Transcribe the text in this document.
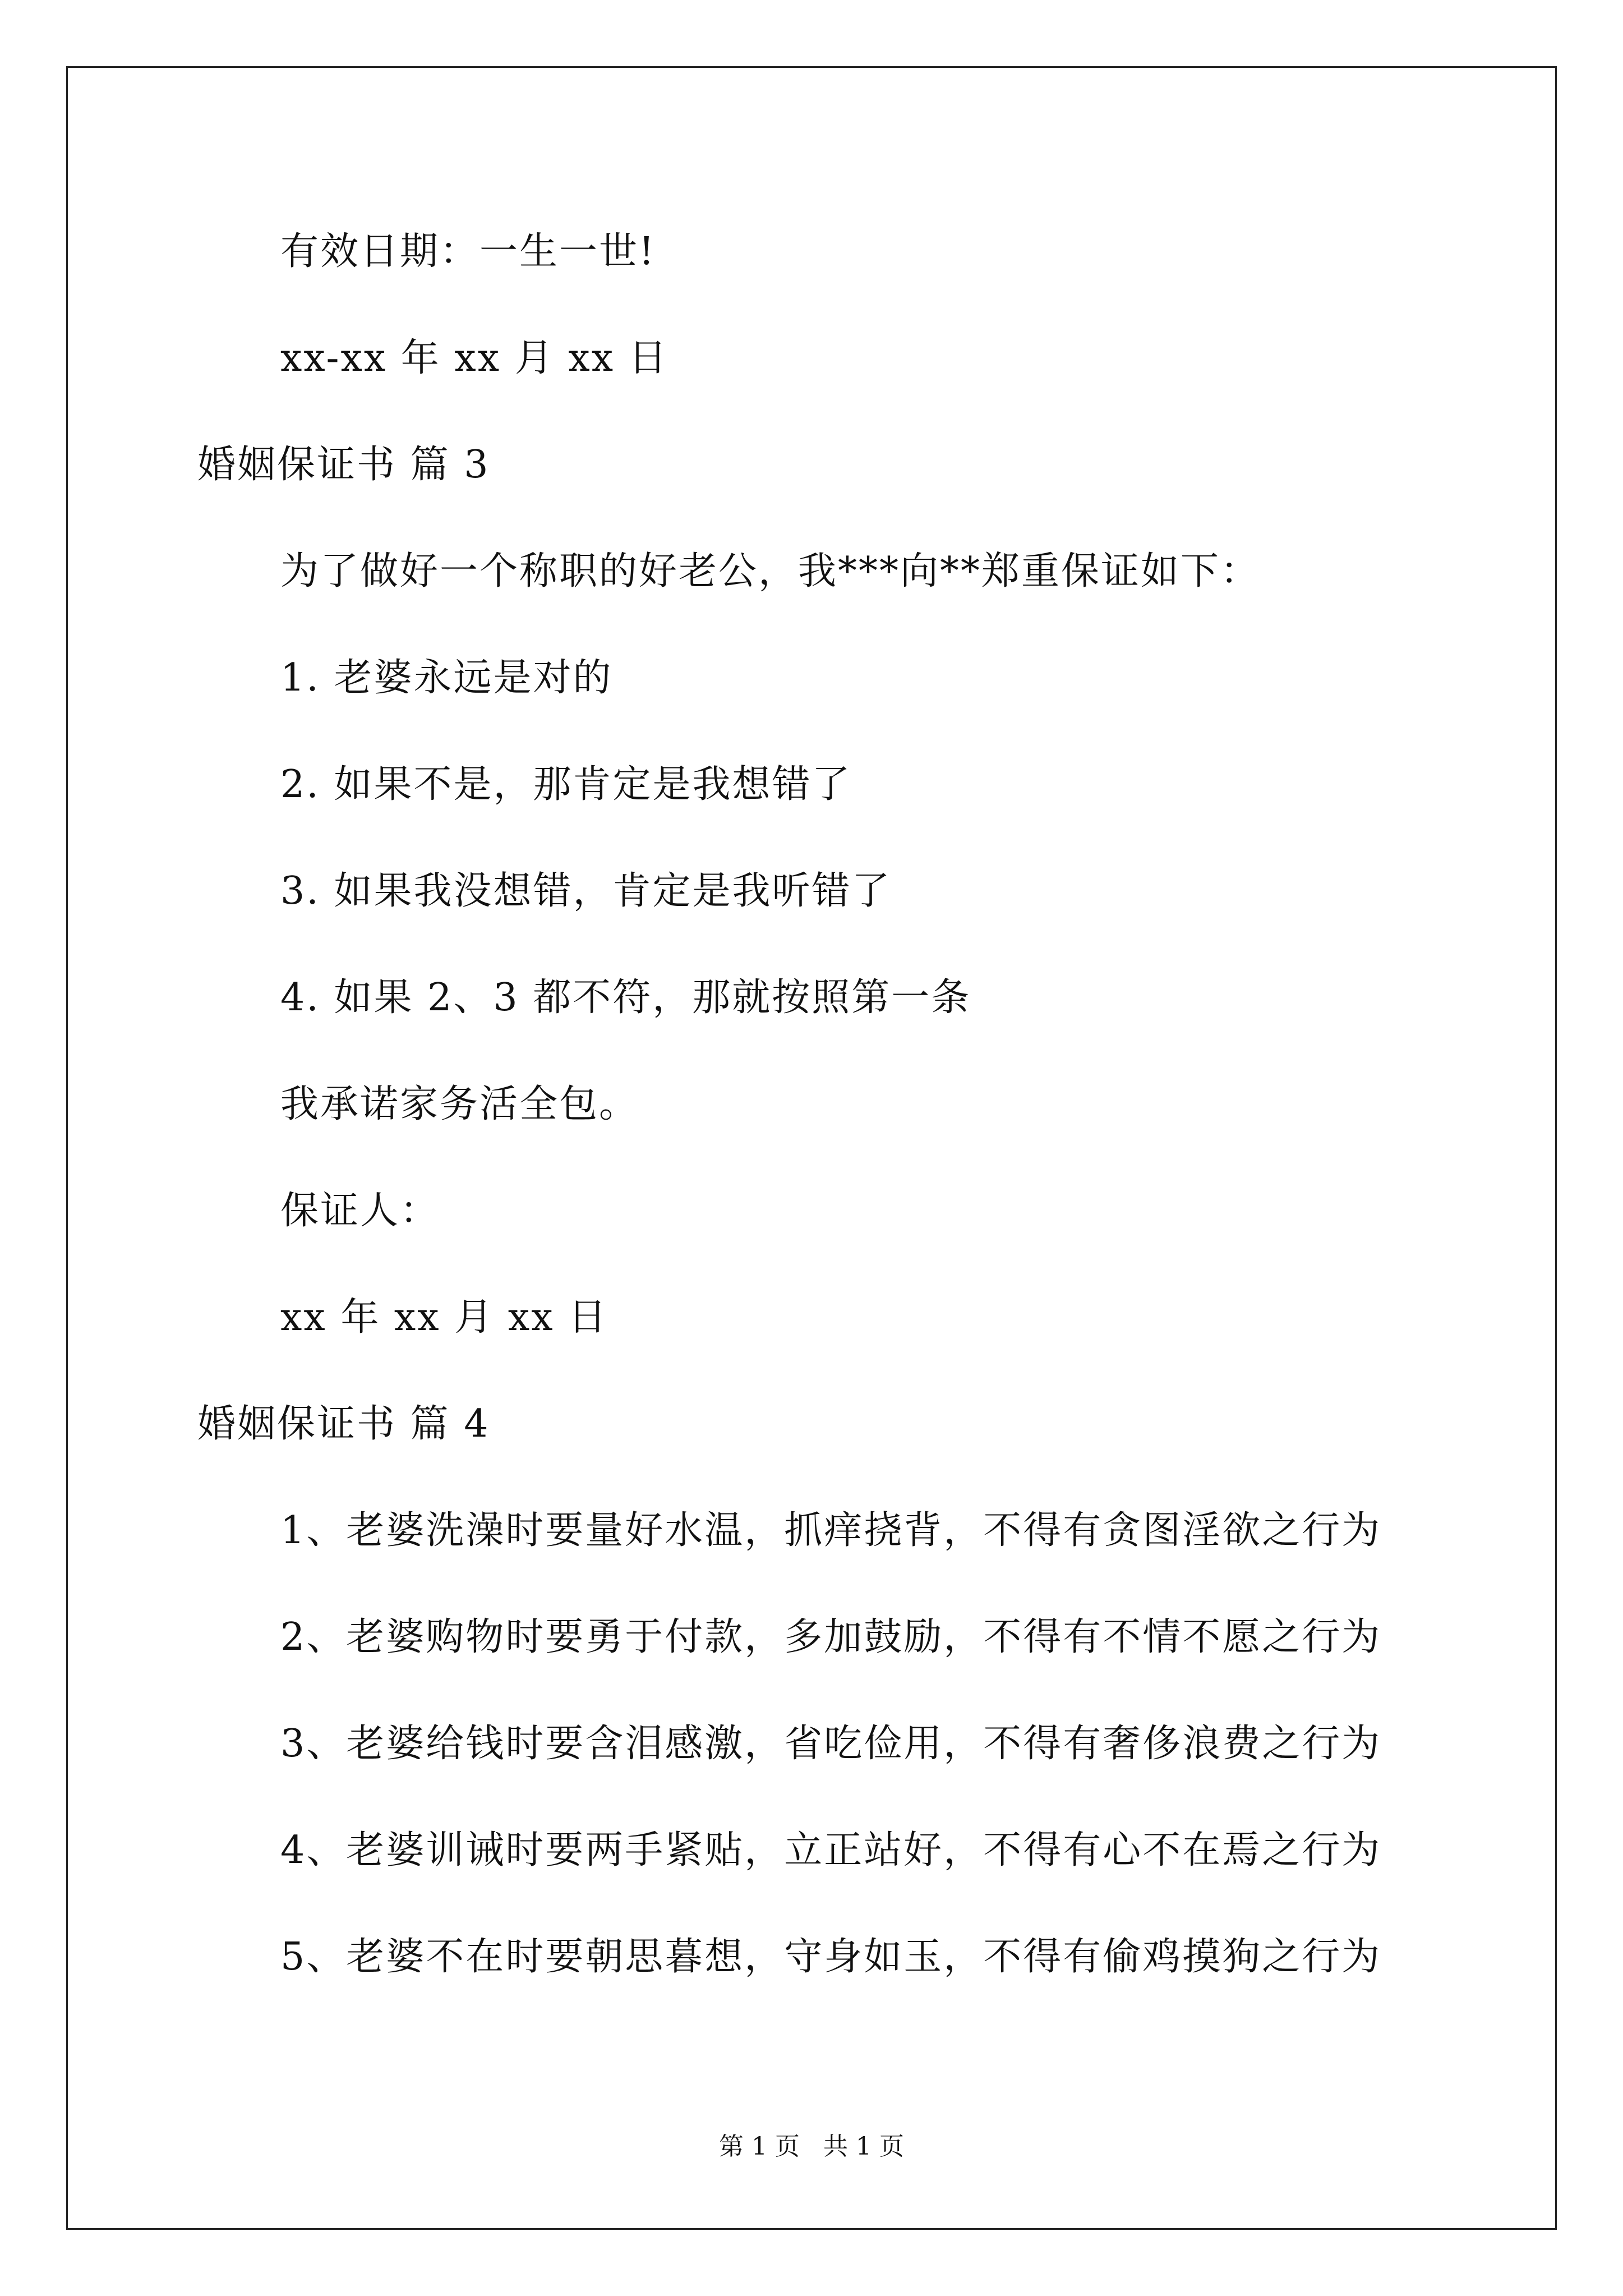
有效日期：一生一世!
xx-xx 年 xx 月 xx 日
婚姻保证书 篇 3
为了做好一个称职的好老公，我***向**郑重保证如下：
1. 老婆永远是对的
2. 如果不是，那肯定是我想错了
3. 如果我没想错，肯定是我听错了
4. 如果 2、3 都不符，那就按照第一条
我承诺家务活全包。
保证人：
xx 年 xx 月 xx 日
婚姻保证书 篇 4
1、老婆洗澡时要量好水温，抓痒挠背，不得有贪图淫欲之行为
2、老婆购物时要勇于付款，多加鼓励，不得有不情不愿之行为
3、老婆给钱时要含泪感激，省吃俭用，不得有奢侈浪费之行为
4、老婆训诫时要两手紧贴，立正站好，不得有心不在焉之行为
5、老婆不在时要朝思暮想，守身如玉，不得有偷鸡摸狗之行为
第 1 页   共 1 页
